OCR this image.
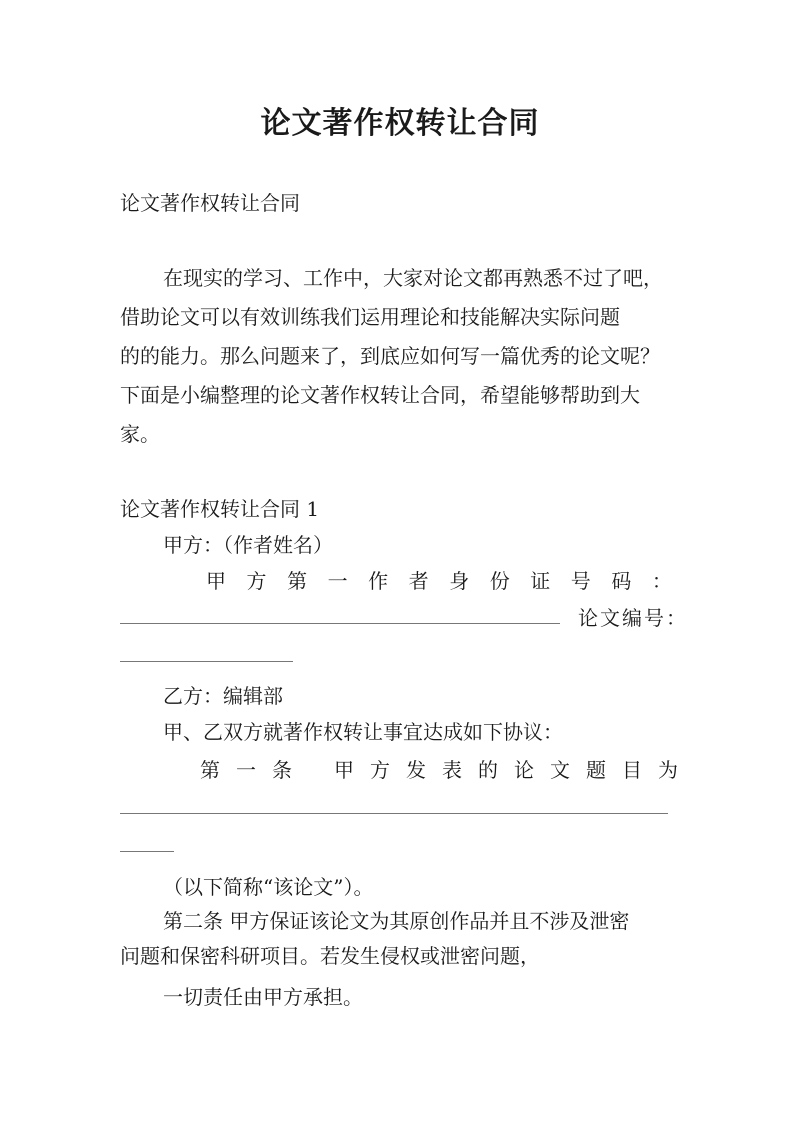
论文著作权转让合同
论文著作权转让合同
在现实的学习、工作中，大家对论文都再熟悉不过了吧，
借助论文可以有效训练我们运用理论和技能解决实际问题
的的能力。那么问题来了，到底应如何写一篇优秀的论文呢？
下面是小编整理的论文著作权转让合同，希望能够帮助到大
家。
论文著作权转让合同 1
甲方：（作者姓名）
甲 方 第 一 作 者 身 份 证 号 码 ：
论 文 编 号 ：
乙方：编辑部
甲、乙双方就著作权转让事宜达成如下协议：
第 一 条 甲 方 发 表 的 论 文 题 目 为
（以下简称“该论文”）。
第二条 甲方保证该论文为其原创作品并且不涉及泄密
问题和保密科研项目。若发生侵权或泄密问题，
一切责任由甲方承担。
